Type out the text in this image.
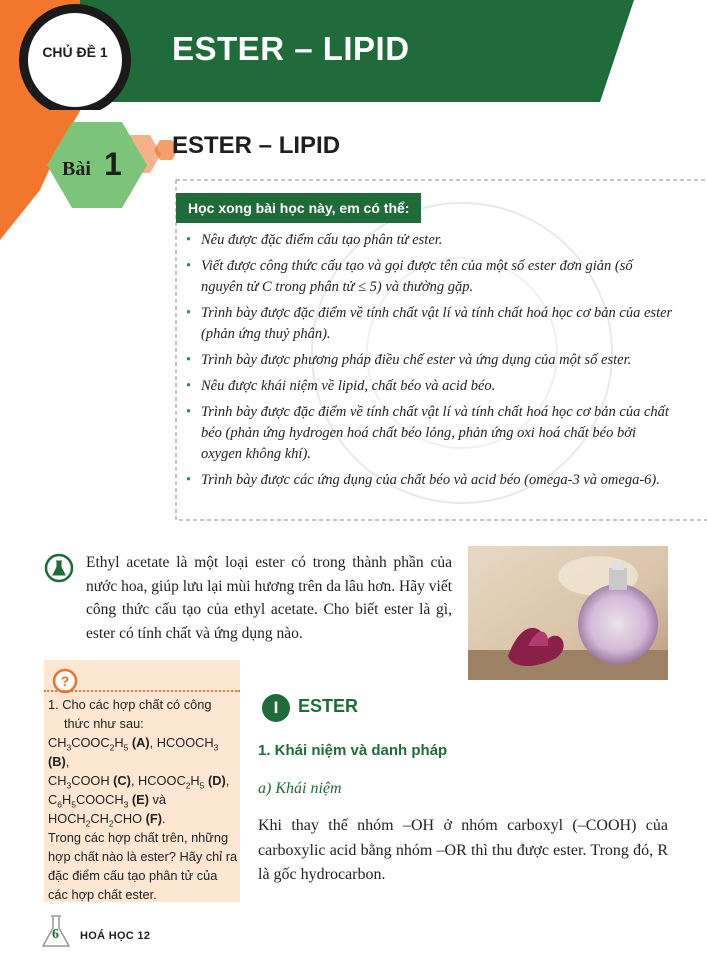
CHỦ ĐỀ 1	ESTER – LIPID
Bài 1
ESTER – LIPID
Học xong bài học này, em có thể:
• Nêu được đặc điểm cấu tạo phân tử ester.
• Viết được công thức cấu tạo và gọi được tên của một số ester đơn giản (số nguyên tử C trong phân tử ≤ 5) và thường gặp.
• Trình bày được đặc điểm về tính chất vật lí và tính chất hoá học cơ bản của ester (phản ứng thuỷ phân).
• Trình bày được phương pháp điều chế ester và ứng dụng của một số ester.
• Nêu được khái niệm về lipid, chất béo và acid béo.
• Trình bày được đặc điểm về tính chất vật lí và tính chất hoá học cơ bản của chất béo (phản ứng hydrogen hoá chất béo lỏng, phản ứng oxi hoá chất béo bởi oxygen không khí).
• Trình bày được các ứng dụng của chất béo và acid béo (omega-3 và omega-6).
Ethyl acetate là một loại ester có trong thành phần của nước hoa, giúp lưu lại mùi hương trên da lâu hơn. Hãy viết công thức cấu tạo của ethyl acetate. Cho biết ester là gì, ester có tính chất và ứng dụng nào.
?

1. Cho các hợp chất có công

thức như sau:

$CH_3COOC_2H_5$ (A), $HCOOCH_3$ (B),

$CH_3COOH$ (C), $HCOOC_2H_5$ (D),

$C_6H_5COOCH_3$ (E) và

$HOCH_2CH_2CHO$ (F).

Trong các hợp chất trên, những hợp chất nào là ester? Hãy chỉ ra đặc điểm cấu tạo phân tử của các hợp chất ester.

I	ESTER
1. Khái niệm và danh pháp
a) Khái niệm
Khi thay thế nhóm –OH ở nhóm carboxyl (–COOH) của carboxylic acid bằng nhóm –OR thì thu được ester. Trong đó, R là gốc hydrocarbon.
6 HOÁ HỌC 12
